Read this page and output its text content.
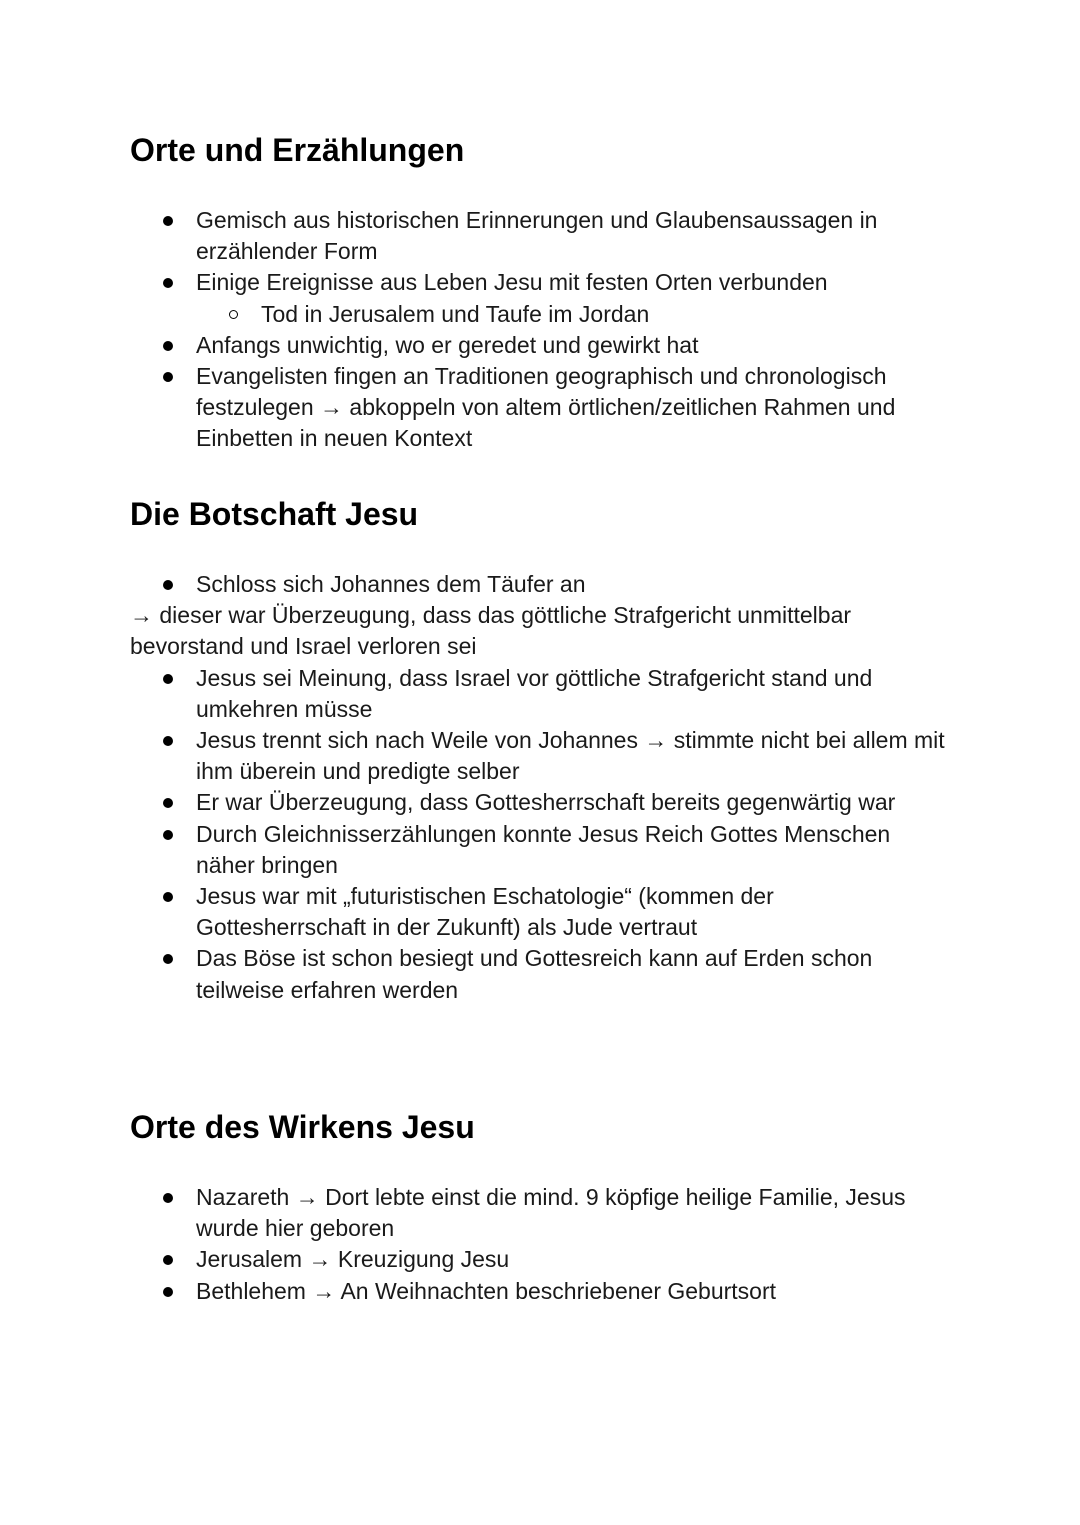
Orte und Erzählungen
Gemisch aus historischen Erinnerungen und Glaubensaussagen in erzählender Form
Einige Ereignisse aus Leben Jesu mit festen Orten verbunden
Tod in Jerusalem und Taufe im Jordan
Anfangs unwichtig, wo er geredet und gewirkt hat
Evangelisten fingen an Traditionen geographisch und chronologisch festzulegen → abkoppeln von altem örtlichen/zeitlichen Rahmen und Einbetten in neuen Kontext
Die Botschaft Jesu
Schloss sich Johannes dem Täufer an
→ dieser war Überzeugung, dass das göttliche Strafgericht unmittelbar bevorstand und Israel verloren sei
Jesus sei Meinung, dass Israel vor göttliche Strafgericht stand und umkehren müsse
Jesus trennt sich nach Weile von Johannes → stimmte nicht bei allem mit ihm überein und predigte selber
Er war Überzeugung, dass Gottesherrschaft bereits gegenwärtig war
Durch Gleichnisserzählungen konnte Jesus Reich Gottes Menschen näher bringen
Jesus war mit „futuristischen Eschatologie“ (kommen der Gottesherrschaft in der Zukunft) als Jude vertraut
Das Böse ist schon besiegt und Gottesreich kann auf Erden schon teilweise erfahren werden
Orte des Wirkens Jesu
Nazareth → Dort lebte einst die mind. 9 köpfige heilige Familie, Jesus wurde hier geboren
Jerusalem → Kreuzigung Jesu
Bethlehem → An Weihnachten beschriebener Geburtsort
